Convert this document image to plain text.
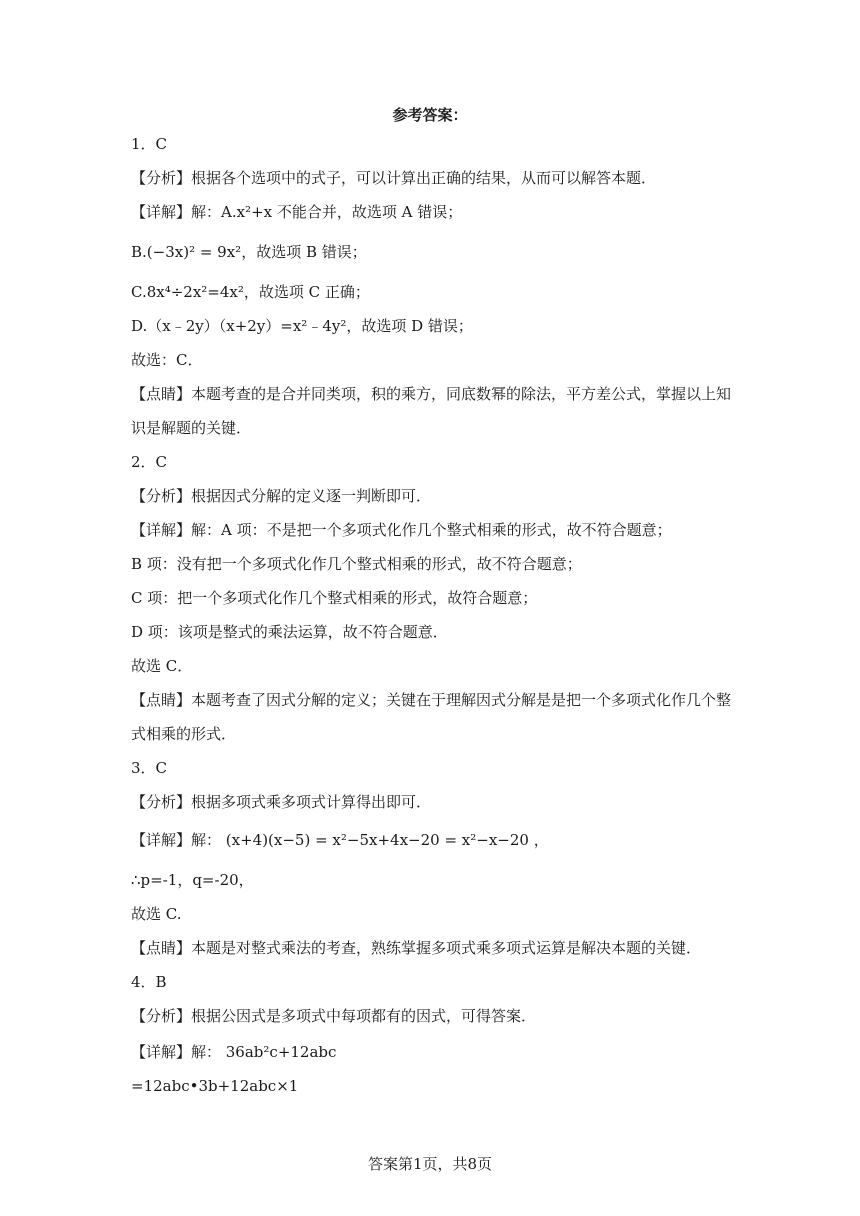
参考答案：
1．C
【分析】根据各个选项中的式子，可以计算出正确的结果，从而可以解答本题．
【详解】解：A.x²+x 不能合并，故选项 A 错误；
B.(−3x)² = 9x²，故选项 B 错误；
C.8x⁴÷2x²=4x²，故选项 C 正确；
D.（x﹣2y）（x+2y）=x²﹣4y²，故选项 D 错误；
故选：C．
【点睛】本题考查的是合并同类项，积的乘方，同底数幂的除法，平方差公式，掌握以上知
识是解题的关键．
2．C
【分析】根据因式分解的定义逐一判断即可．
【详解】解：A 项：不是把一个多项式化作几个整式相乘的形式，故不符合题意；
B 项：没有把一个多项式化作几个整式相乘的形式，故不符合题意；
C 项：把一个多项式化作几个整式相乘的形式，故符合题意；
D 项：该项是整式的乘法运算，故不符合题意．
故选 C．
【点睛】本题考查了因式分解的定义；关键在于理解因式分解是是把一个多项式化作几个整
式相乘的形式．
3．C
【分析】根据多项式乘多项式计算得出即可．
【详解】解： (x+4)(x−5) = x²−5x+4x−20 = x²−x−20 ，
∴p=-1，q=-20，
故选 C.
【点睛】本题是对整式乘法的考查，熟练掌握多项式乘多项式运算是解决本题的关键．
4．B
【分析】根据公因式是多项式中每项都有的因式，可得答案．
【详解】解： 36ab²c+12abc
=12abc•3b+12abc×1
答案第1页，共8页
